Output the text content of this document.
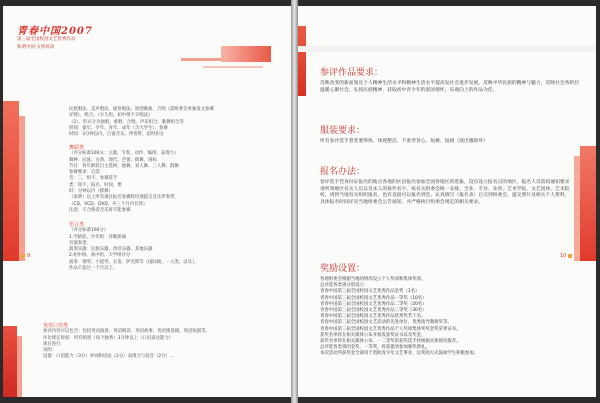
青春中国2007
第三届全国校园文艺优秀作品
和谐中国·文明风尚
民族唱法、美声唱法、通俗唱法、原创歌曲、合唱（需组委会单独发文参赛
详情）、组合。（少儿组、初中组不分唱法）
（2）、形式分为独唱、重唱、合唱、声乐组合、歌舞组合等
组别：童年、少年、青年、成年（含大学生），参赛
时间：3分钟以内，自备音乐、伴奏带，超时扣分
舞蹈类
（评分标准100分：主题、节奏、动作、编排、表现力）
舞种：民族、古典、现代、芭蕾、街舞、国标
节目：各年龄段自主选择，独舞、双人舞、三人舞、群舞
参赛要求：自选
音：三，组不，参赛选手
类：知不，报名，时间，要
时：分钟以内（群舞）
（说明）以上所有项目报名参赛时均须提交音乐伴奏带，
（CD、VCD、DVD、并三个月内有效）
注意：不合格者音乐将不能参赛
9
语言类
（评分标准100分）
1.学龄前、少年组：诗歌朗诵
有演奏类：
演奏乐器：民族乐器、西洋乐器、其他乐器
2.初中组、高中组、大学组评分
演奏：钢琴、小提琴、长笛、萨克斯等（国际级、一入类、以及），
作品不超过一个月以上。
英语口语类
参评内容可以包含：包括英语演讲、英语朗读、英语故事、英语情景剧、英语短剧等。
评比规定时间：所有组别（每个独秀）3分钟以上（口语表达能力）
项目进行：
说明：
设置：口语能力（3分）单词和语法（2分）表现力与发音（2分）...
参评作品要求：
反映改变的新面貌及个人精神生活水平和精神生活水平提高发社会进步发展。反映中华民族的精神与魅力，反映社会各阶层温暖心聚社会，弘扬民族精神，获取初中青少年的爱国情怀，乐观向上的作品为佳。
服装要求：
所有参评选手着装要得体、体现整洁、不准穿背心、短裤、短裙（演出服除外）
报名办法：
参评选手凭身份证报名的地点各地的区县报名参加全国各地区的选拔，没有设立报名点的地区。报名人员需按通知要求请所须地区有关人员以及本人的条件名字，按有关组委会统一安排。全业、专业、业余、艺术学院、文艺团体、艺术院校，请到当地有关组织报名，也有直接可以报名到会。认真填写（报名表）后交到组委会，递交照片及相关个人资料，具体报名时间详见当地组委会公告通知，并严格执行组委会规定的相关要求。
10
奖励设置：
各地组委会根据当地的情况设立个人奖项和集体奖项。
总评选各类别分别设立：
青春中国第三届全国校园文艺优秀作品金奖（1名）
青春中国第三届全国校园文艺优秀作品一等奖（10名）
青春中国第三届全国校园文艺优秀作品二等奖（20名）
青春中国第三届全国校园文艺优秀作品三等奖（30名）
青春中国第三届全国校园文艺优秀作品优秀奖若干名。
青春中国第三届全国校园文艺活动的先进单位、优秀指导教师奖等。
青春中国第三届全国校园文艺优秀作品个人奖项集体奖奖金奖荣誉证书。
获奖名单将在相关媒体公布并颁发获奖证书以及奖金。
获奖名单将在相关媒体公布。一二等奖的获奖选手将根据具体情况推荐。
总评选各类别的金奖、一等奖，将获邀请参加颁奖典礼。
本次活动所获奖金全部用于资助青少年文艺事业，以奖励方式鼓励学生积极参加。
